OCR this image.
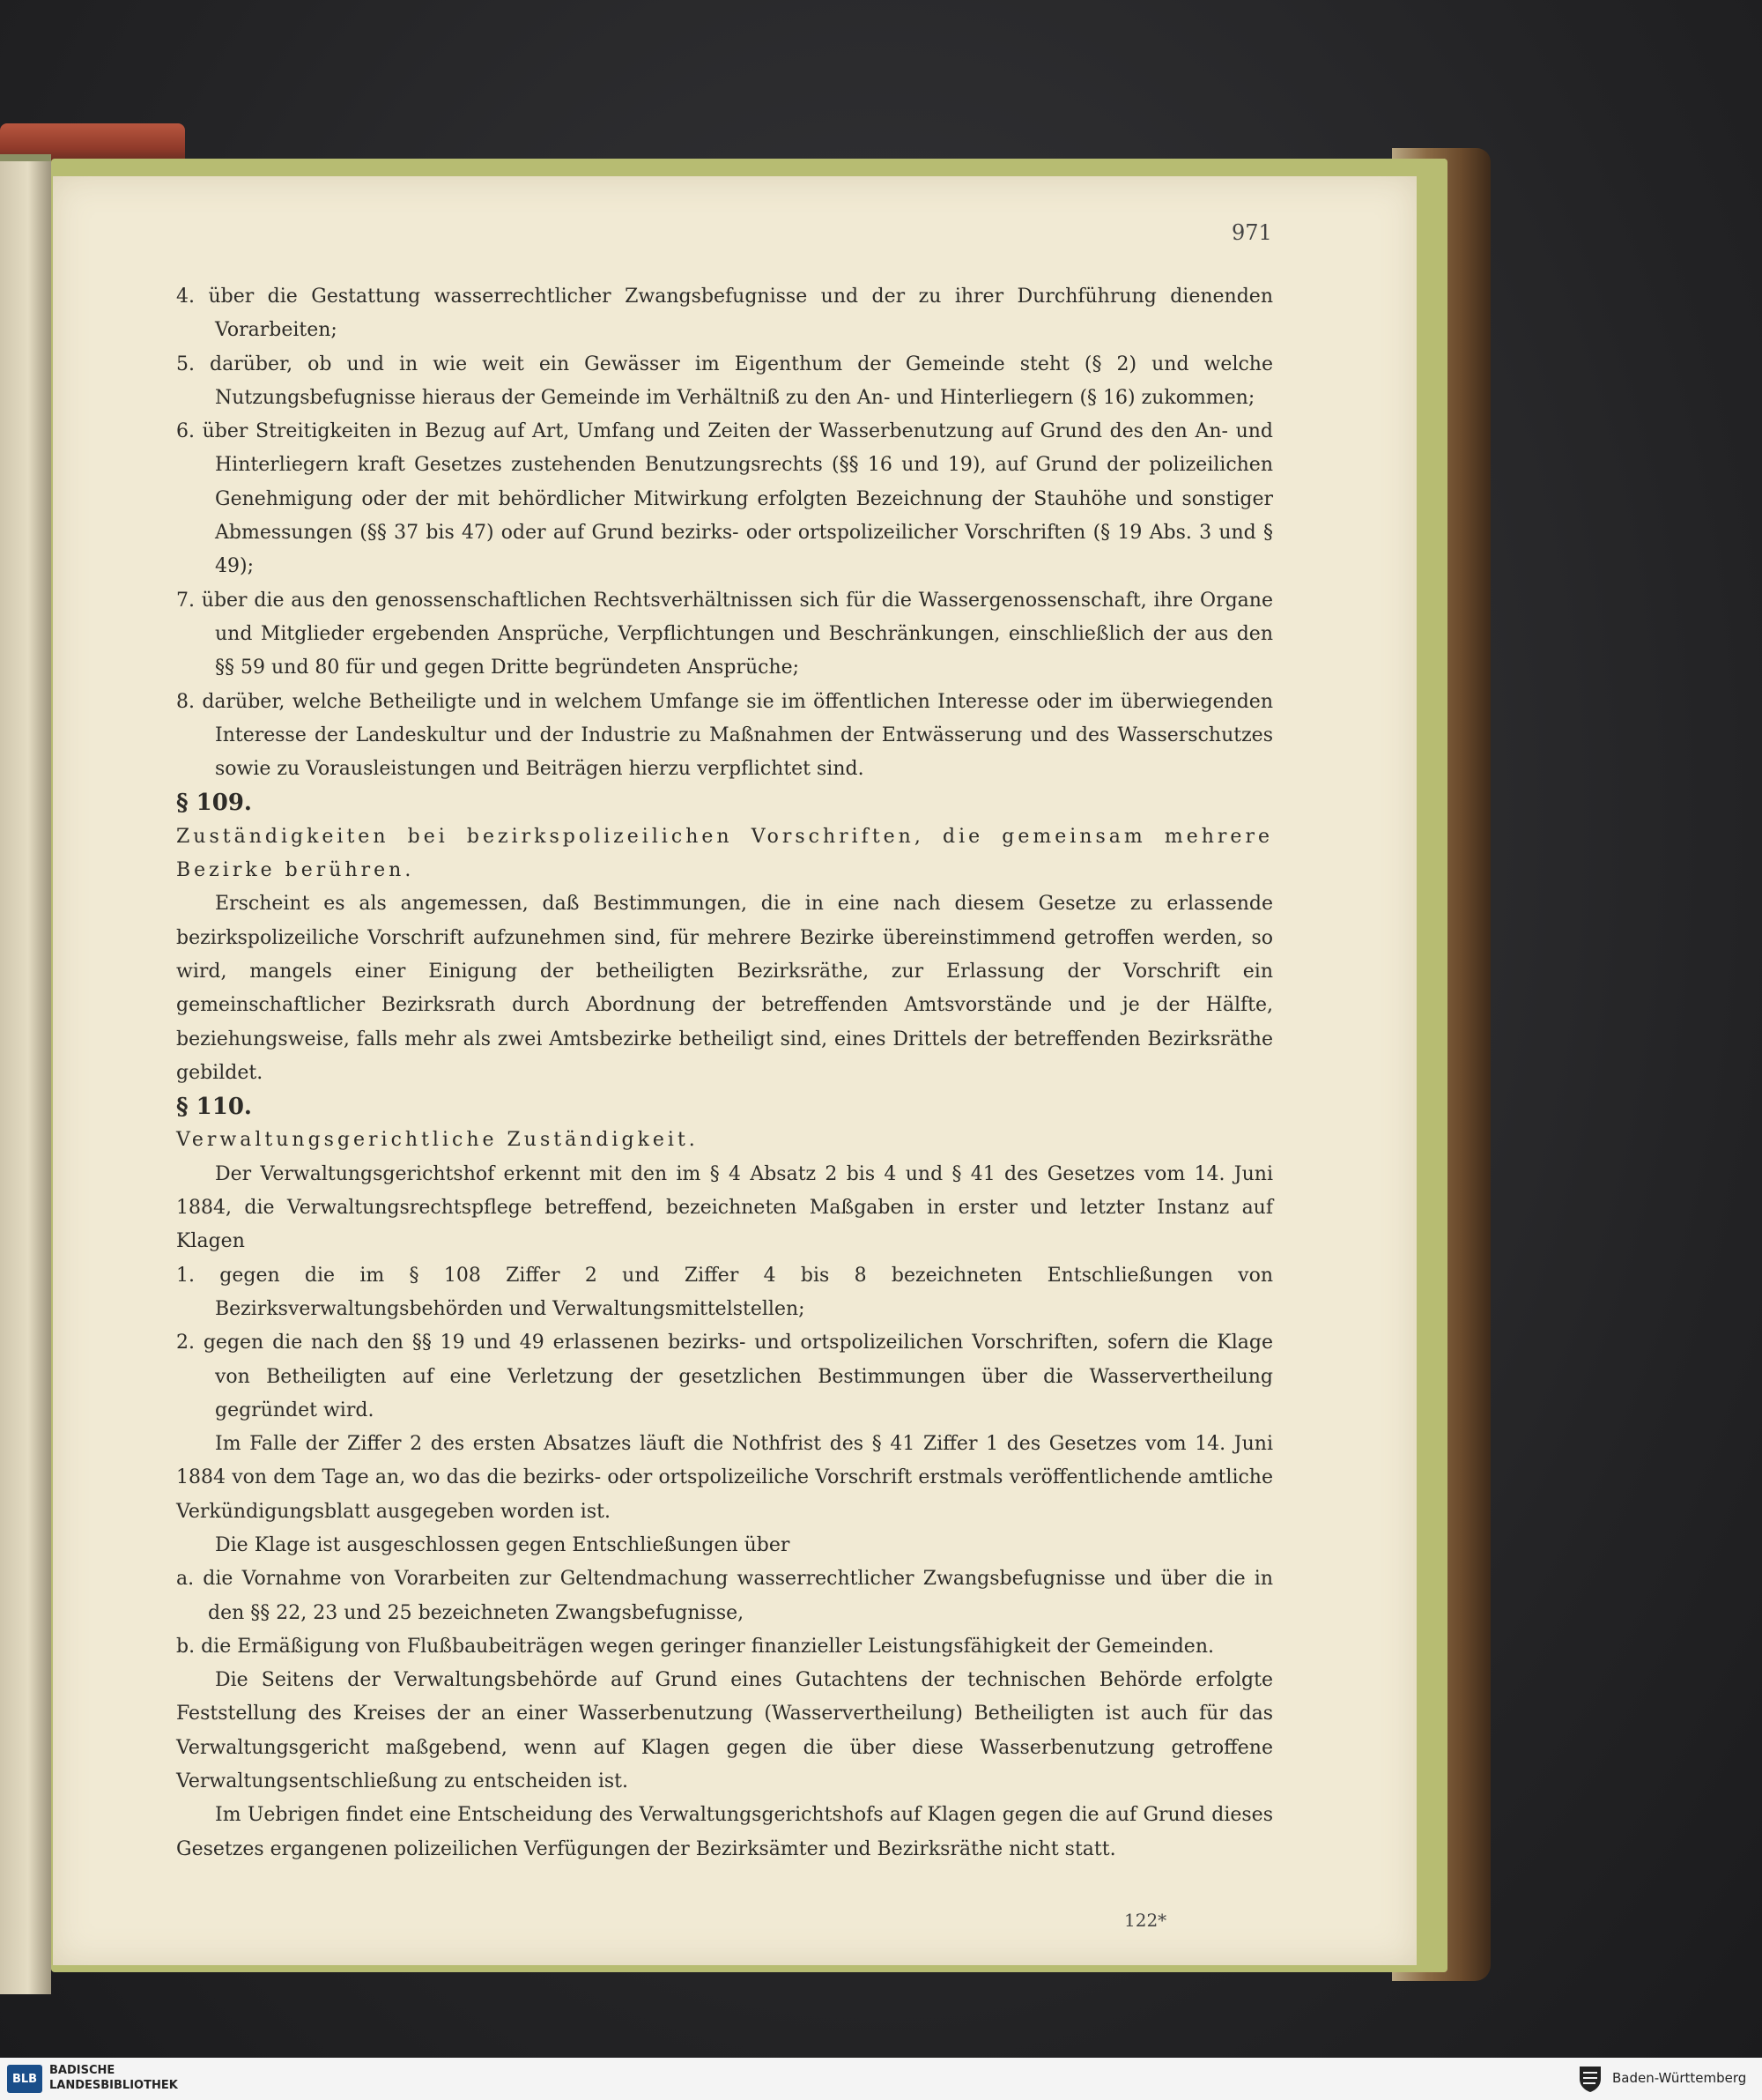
971

4. über die Gestattung wasserrechtlicher Zwangsbefugnisse und der zu ihrer Durchführung dienenden Vorarbeiten;

5. darüber, ob und in wie weit ein Gewässer im Eigenthum der Gemeinde steht (§ 2) und welche Nutzungsbefugnisse hieraus der Gemeinde im Verhältniß zu den An- und Hinterliegern (§ 16) zukommen;

6. über Streitigkeiten in Bezug auf Art, Umfang und Zeiten der Wasserbenutzung auf Grund des den An- und Hinterliegern kraft Gesetzes zustehenden Benutzungsrechts (§§ 16 und 19), auf Grund der polizeilichen Genehmigung oder der mit behördlicher Mitwirkung erfolgten Bezeichnung der Stauhöhe und sonstiger Abmessungen (§§ 37 bis 47) oder auf Grund bezirks- oder ortspolizeilicher Vorschriften (§ 19 Abs. 3 und § 49);

7. über die aus den genossenschaftlichen Rechtsverhältnissen sich für die Wassergenossenschaft, ihre Organe und Mitglieder ergebenden Ansprüche, Verpflichtungen und Beschränkungen, einschließlich der aus den §§ 59 und 80 für und gegen Dritte begründeten Ansprüche;

8. darüber, welche Betheiligte und in welchem Umfange sie im öffentlichen Interesse oder im überwiegenden Interesse der Landeskultur und der Industrie zu Maßnahmen der Entwässerung und des Wasserschutzes sowie zu Vorausleistungen und Beiträgen hierzu verpflichtet sind.

§ 109.

Zuständigkeiten bei bezirkspolizeilichen Vorschriften, die gemeinsam mehrere Bezirke berühren.

Erscheint es als angemessen, daß Bestimmungen, die in eine nach diesem Gesetze zu erlassende bezirkspolizeiliche Vorschrift aufzunehmen sind, für mehrere Bezirke übereinstimmend getroffen werden, so wird, mangels einer Einigung der betheiligten Bezirksräthe, zur Erlassung der Vorschrift ein gemeinschaftlicher Bezirksrath durch Abordnung der betreffenden Amtsvorstände und je der Hälfte, beziehungsweise, falls mehr als zwei Amtsbezirke betheiligt sind, eines Drittels der betreffenden Bezirksräthe gebildet.

§ 110.

Verwaltungsgerichtliche Zuständigkeit.

Der Verwaltungsgerichtshof erkennt mit den im § 4 Absatz 2 bis 4 und § 41 des Gesetzes vom 14. Juni 1884, die Verwaltungsrechtspflege betreffend, bezeichneten Maßgaben in erster und letzter Instanz auf Klagen

1. gegen die im § 108 Ziffer 2 und Ziffer 4 bis 8 bezeichneten Entschließungen von Bezirksverwaltungsbehörden und Verwaltungsmittelstellen;

2. gegen die nach den §§ 19 und 49 erlassenen bezirks- und ortspolizeilichen Vorschriften, sofern die Klage von Betheiligten auf eine Verletzung der gesetzlichen Bestimmungen über die Wasservertheilung gegründet wird.

Im Falle der Ziffer 2 des ersten Absatzes läuft die Nothfrist des § 41 Ziffer 1 des Gesetzes vom 14. Juni 1884 von dem Tage an, wo das die bezirks- oder ortspolizeiliche Vorschrift erstmals veröffentlichende amtliche Verkündigungsblatt ausgegeben worden ist.

Die Klage ist ausgeschlossen gegen Entschließungen über

a. die Vornahme von Vorarbeiten zur Geltendmachung wasserrechtlicher Zwangsbefugnisse und über die in den §§ 22, 23 und 25 bezeichneten Zwangsbefugnisse,

b. die Ermäßigung von Flußbaubeiträgen wegen geringer finanzieller Leistungsfähigkeit der Gemeinden.

Die Seitens der Verwaltungsbehörde auf Grund eines Gutachtens der technischen Behörde erfolgte Feststellung des Kreises der an einer Wasserbenutzung (Wasservertheilung) Betheiligten ist auch für das Verwaltungsgericht maßgebend, wenn auf Klagen gegen die über diese Wasserbenutzung getroffene Verwaltungsentschließung zu entscheiden ist.

Im Uebrigen findet eine Entscheidung des Verwaltungsgerichtshofs auf Klagen gegen die auf Grund dieses Gesetzes ergangenen polizeilichen Verfügungen der Bezirksämter und Bezirksräthe nicht statt.

122*
BLB
BADISCHE
LANDESBIBLIOTHEK	Baden-Württemberg
